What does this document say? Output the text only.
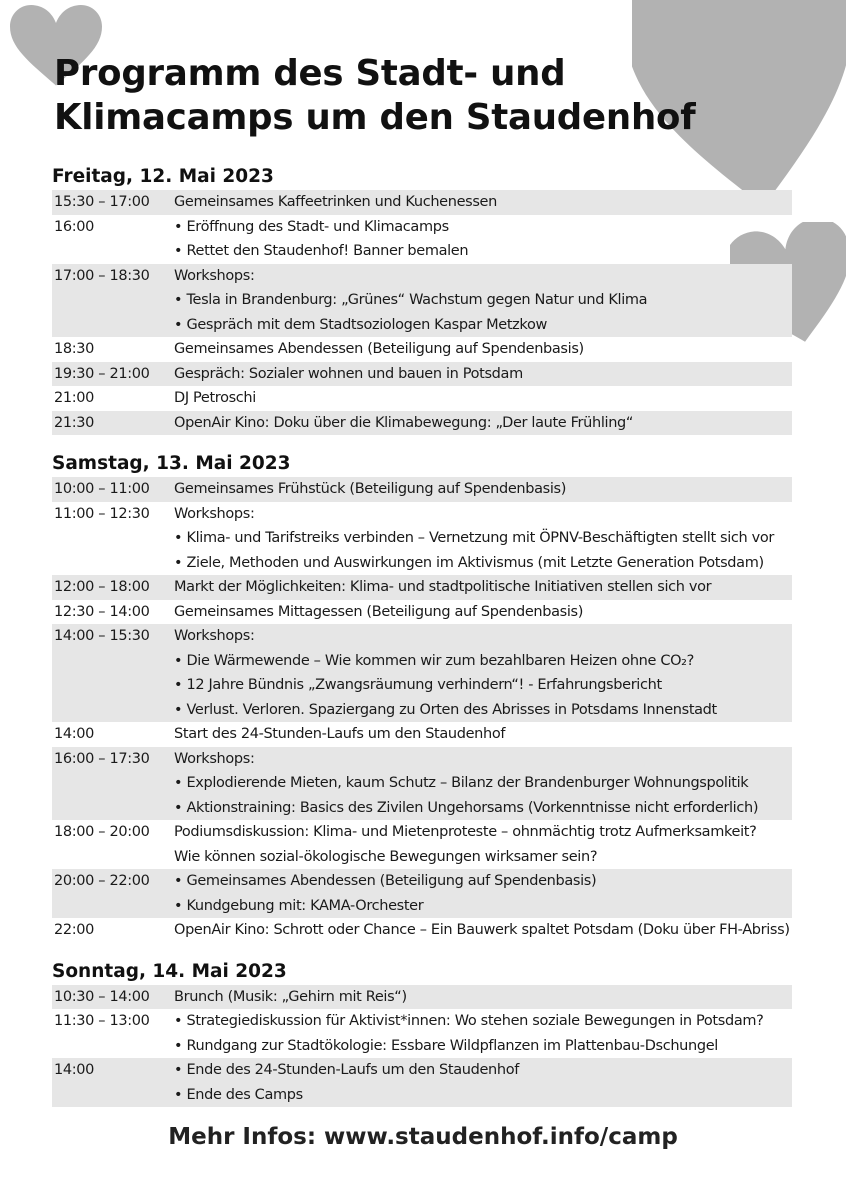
Programm des Stadt- und
Klimacamps um den Staudenhof
Freitag, 12. Mai 2023
15:30 – 17:00	Gemeinsames Kaffeetrinken und Kuchenessen
16:00	• Eröffnung des Stadt- und Klimacamps
• Rettet den Staudenhof! Banner bemalen
17:00 – 18:30	Workshops:
• Tesla in Brandenburg: „Grünes“ Wachstum gegen Natur und Klima
• Gespräch mit dem Stadtsoziologen Kaspar Metzkow
18:30	Gemeinsames Abendessen (Beteiligung auf Spendenbasis)
19:30 – 21:00	Gespräch: Sozialer wohnen und bauen in Potsdam
21:00	DJ Petroschi
21:30	OpenAir Kino: Doku über die Klimabewegung: „Der laute Frühling“
Samstag, 13. Mai 2023
10:00 – 11:00	Gemeinsames Frühstück (Beteiligung auf Spendenbasis)
11:00 – 12:30	Workshops:
• Klima- und Tarifstreiks verbinden – Vernetzung mit ÖPNV-Beschäftigten stellt sich vor
• Ziele, Methoden und Auswirkungen im Aktivismus (mit Letzte Generation Potsdam)
12:00 – 18:00	Markt der Möglichkeiten: Klima- und stadtpolitische Initiativen stellen sich vor
12:30 – 14:00	Gemeinsames Mittagessen (Beteiligung auf Spendenbasis)
14:00 – 15:30	Workshops:
• Die Wärmewende – Wie kommen wir zum bezahlbaren Heizen ohne CO₂?
• 12 Jahre Bündnis „Zwangsräumung verhindern“! - Erfahrungsbericht
• Verlust. Verloren. Spaziergang zu Orten des Abrisses in Potsdams Innenstadt
14:00	Start des 24-Stunden-Laufs um den Staudenhof
16:00 – 17:30	Workshops:
• Explodierende Mieten, kaum Schutz – Bilanz der Brandenburger Wohnungspolitik
• Aktionstraining: Basics des Zivilen Ungehorsams (Vorkenntnisse nicht erforderlich)
18:00 – 20:00	Podiumsdiskussion: Klima- und Mietenproteste – ohnmächtig trotz Aufmerksamkeit?
Wie können sozial-ökologische Bewegungen wirksamer sein?
20:00 – 22:00	• Gemeinsames Abendessen (Beteiligung auf Spendenbasis)
• Kundgebung mit: KAMA-Orchester
22:00	OpenAir Kino: Schrott oder Chance – Ein Bauwerk spaltet Potsdam (Doku über FH-Abriss)
Sonntag, 14. Mai 2023
10:30 – 14:00	Brunch (Musik: „Gehirn mit Reis“)
11:30 – 13:00	• Strategiediskussion für Aktivist*innen: Wo stehen soziale Bewegungen in Potsdam?
• Rundgang zur Stadtökologie: Essbare Wildpflanzen im Plattenbau-Dschungel
14:00	• Ende des 24-Stunden-Laufs um den Staudenhof
• Ende des Camps
Mehr Infos: www.staudenhof.info/camp
